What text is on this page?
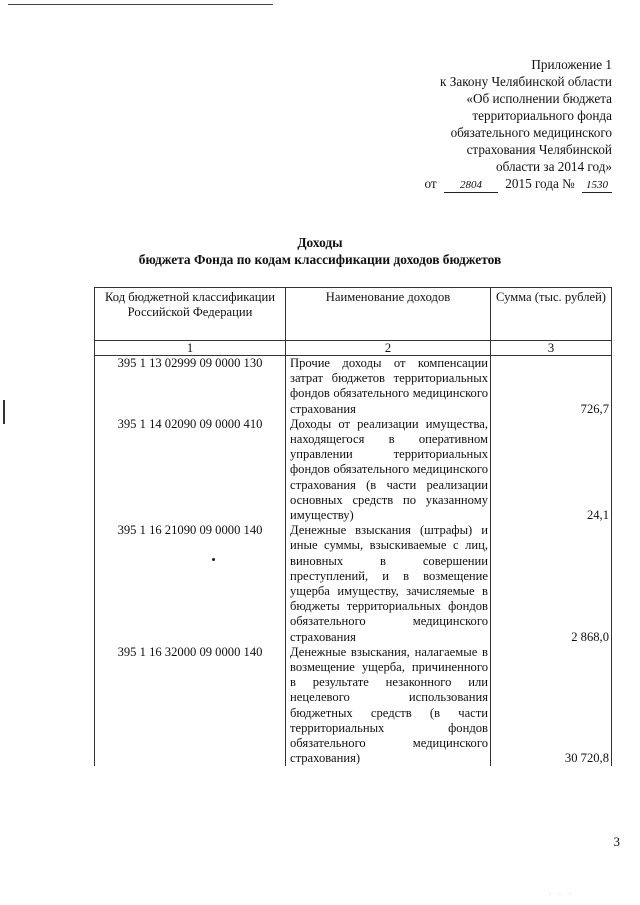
Приложение 1
к Закону Челябинской области
«Об исполнении бюджета
территориального фонда
обязательного медицинского
страхования Челябинской
области за 2014 год»
от 2804 2015 года № 1530
Доходы
бюджета Фонда по кодам классификации доходов бюджетов
Код бюджетной классификации Российской Федерации	Наименование доходов	Сумма (тыс. рублей)
1	2	3
395 1 13 02999 09 0000 130	Прочие доходы от компенсации затрат бюджетов территориальных фондов обязательного медицинского страхования	726,7
395 1 14 02090 09 0000 410	Доходы от реализации имущества, находящегося в оперативном управлении территориальных фондов обязательного медицинского страхования (в части реализации основных средств по указанному имуществу)	24,1
395 1 16 21090 09 0000 140	Денежные взыскания (штрафы) и иные суммы, взыскиваемые с лиц, виновных в совершении преступлений, и в возмещение ущерба имуществу, зачисляемые в бюджеты территориальных фондов обязательного медицинского страхования	2 868,0
395 1 16 32000 09 0000 140	Денежные взыскания, налагаемые в возмещение ущерба, причиненного в результате незаконного или нецелевого использования бюджетных средств (в части территориальных фондов обязательного медицинского страхования)	30 720,8
3
· · ·
